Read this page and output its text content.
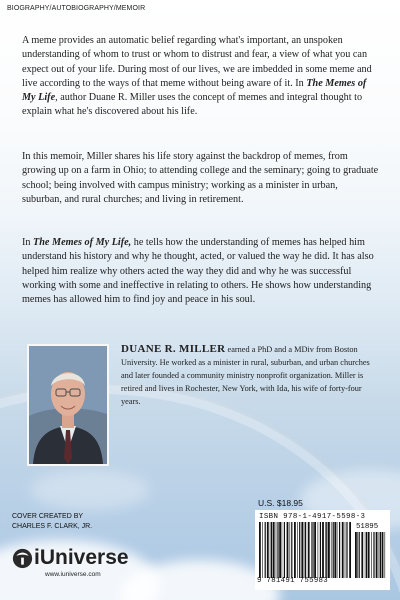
BIOGRAPHY/AUTOBIOGRAPHY/MEMOIR

A meme provides an automatic belief regarding what's important, an unspoken understanding of whom to trust or whom to distrust and fear, a view of what you can expect out of your life. During most of our lives, we are imbedded in some meme and live according to the ways of that meme without being aware of it. In The Memes of My Life, author Duane R. Miller uses the concept of memes and integral thought to explain what he's discovered about his life.

In this memoir, Miller shares his life story against the backdrop of memes, from growing up on a farm in Ohio; to attending college and the seminary; going to graduate school; being involved with campus ministry; working as a minister in urban, suburban, and rural churches; and living in retirement.

In The Memes of My Life, he tells how the understanding of memes has helped him understand his history and why he thought, acted, or valued the way he did. It has also helped him realize why others acted the way they did and why he was successful working with some and ineffective in relating to others. He shows how understanding memes has allowed him to find joy and peace in his soul.

DUANE R. MILLER earned a PhD and a MDiv from Boston University. He worked as a minister in rural, suburban, and urban churches and later founded a community ministry nonprofit organization. Miller is retired and lives in Rochester, New York, with Ida, his wife of forty-four years.

U.S. $18.95
ISBN 978-1-4917-5598-3
51895
9 781491 755983
COVER CREATED BY
CHARLES F. CLARK, JR.
iUniverse
www.iuniverse.com
